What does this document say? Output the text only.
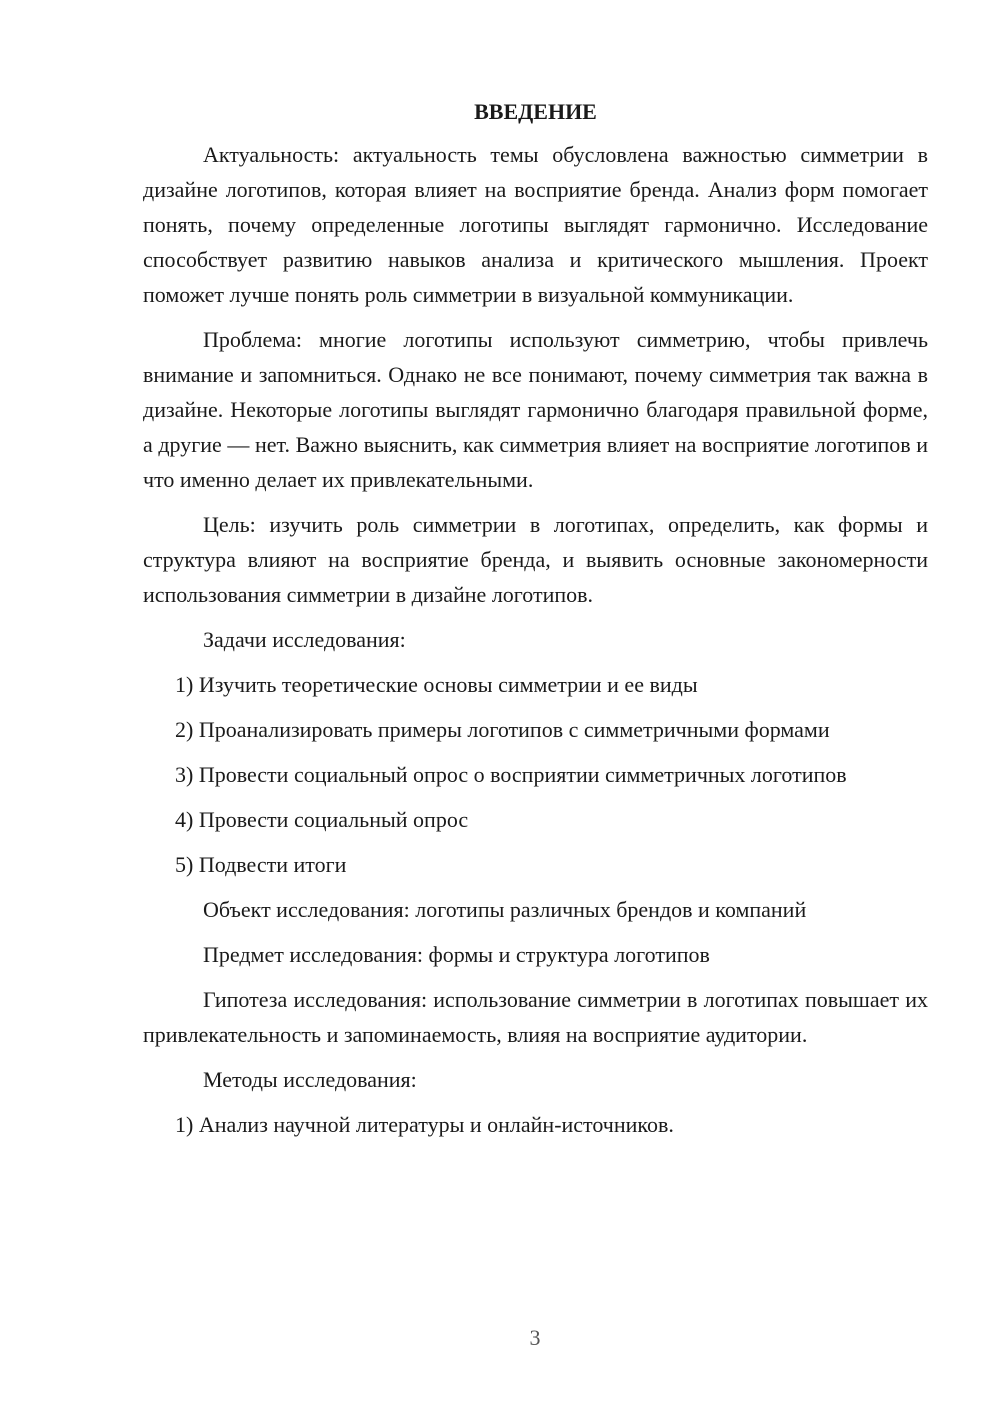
ВВЕДЕНИЕ

Актуальность: актуальность темы обусловлена важностью симметрии в дизайне логотипов, которая влияет на восприятие бренда. Анализ форм помогает понять, почему определенные логотипы выглядят гармонично. Исследование способствует развитию навыков анализа и критического мышления. Проект поможет лучше понять роль симметрии в визуальной коммуникации.

Проблема: многие логотипы используют симметрию, чтобы привлечь внимание и запомниться. Однако не все понимают, почему симметрия так важна в дизайне. Некоторые логотипы выглядят гармонично благодаря правильной форме, а другие — нет. Важно выяснить, как симметрия влияет на восприятие логотипов и что именно делает их привлекательными.

Цель: изучить роль симметрии в логотипах, определить, как формы и структура влияют на восприятие бренда, и выявить основные закономерности использования симметрии в дизайне логотипов.

Задачи исследования:

1) Изучить теоретические основы симметрии и ее виды

2) Проанализировать примеры логотипов с симметричными формами

3) Провести социальный опрос о восприятии симметричных логотипов

4) Провести социальный опрос

5) Подвести итоги

Объект исследования: логотипы различных брендов и компаний

Предмет исследования: формы и структура логотипов

Гипотеза исследования: использование симметрии в логотипах повышает их привлекательность и запоминаемость, влияя на восприятие аудитории.

Методы исследования:

1) Анализ научной литературы и онлайн-источников.

3
